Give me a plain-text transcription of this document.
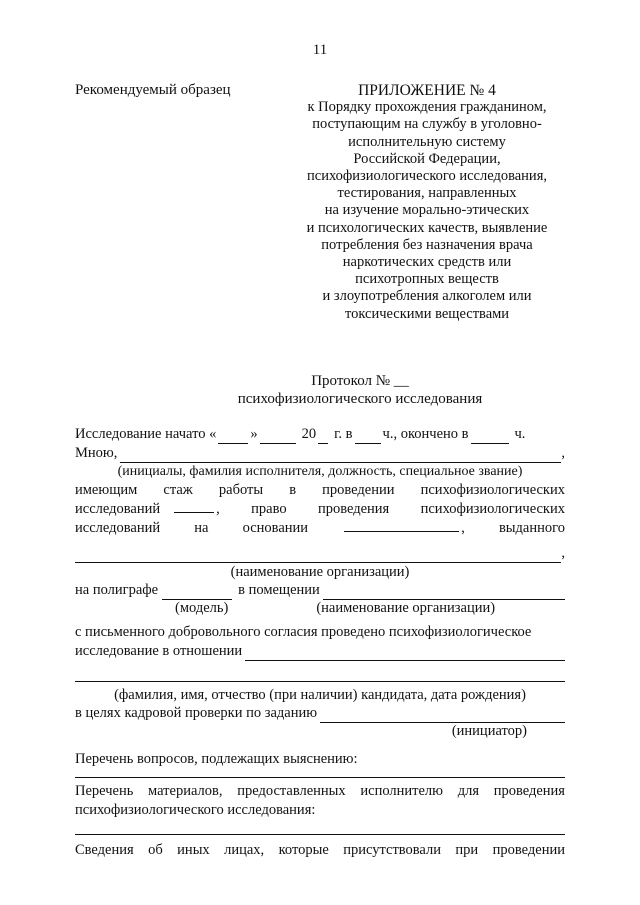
11
Рекомендуемый образец	ПРИЛОЖЕНИЕ № 4
к Порядку прохождения гражданином,
поступающим на службу в уголовно-
исполнительную систему
Российской Федерации,
психофизиологического исследования,
тестирования, направленных
на изучение морально-этических
и психологических качеств, выявление
потребления без назначения врача
наркотических средств или
психотропных веществ
и злоупотребления алкоголем или
токсическими веществами
Протокол № __
психофизиологического исследования
Исследование начато « »	20 г. в ч., окончено в	ч.
Мною,	,
(инициалы, фамилия исполнителя, должность, специальное звание)
имеющим стаж работы в проведении психофизиологических
исследований	, право проведения психофизиологических
исследований на основании	, выданного
,
(наименование организации)
на полиграфе	в помещении
(модель)	(наименование организации)
с письменного добровольного согласия проведено психофизиологическое
исследование в отношении
(фамилия, имя, отчество (при наличии) кандидата, дата рождения)
в целях кадровой проверки по заданию
(инициатор)
Перечень вопросов, подлежащих выяснению:
Перечень материалов, предоставленных исполнителю для проведения
психофизиологического исследования:
Сведения об иных лицах, которые присутствовали при проведении
